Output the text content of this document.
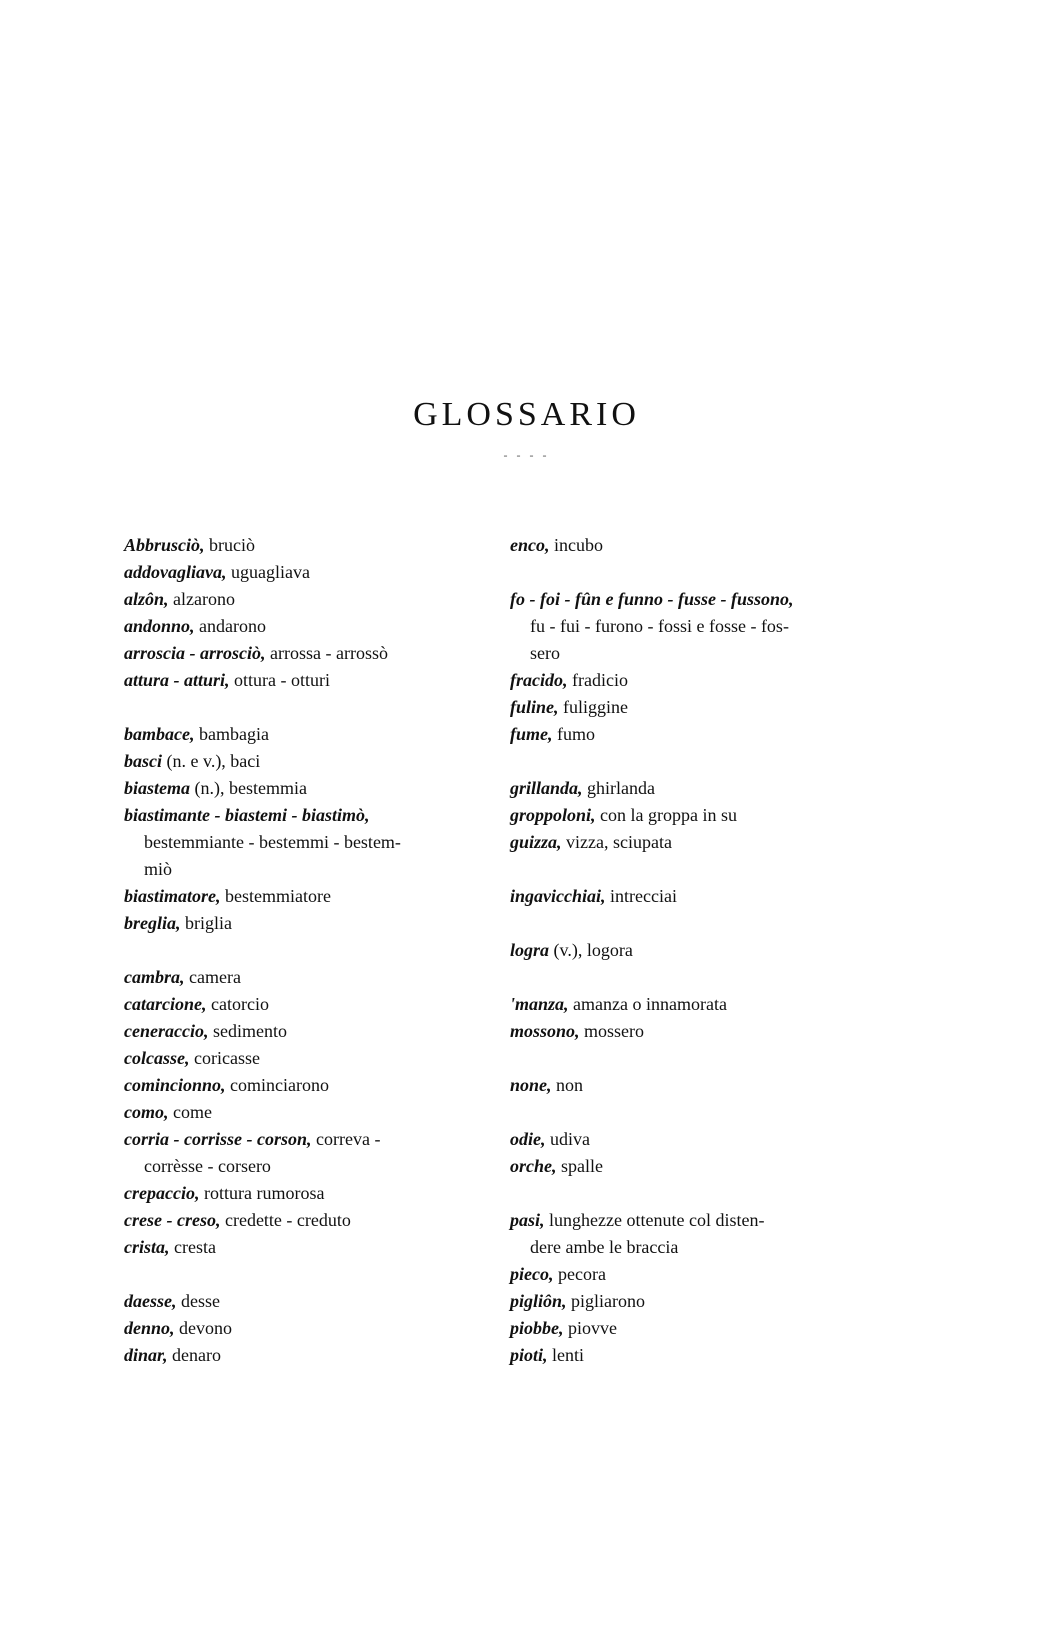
GLOSSARIO
- - - -
Abbrusciò, bruciò
addovagliava, uguagliava
alzôn, alzarono
andonno, andarono
arroscia - arrosciò, arrossa - arrossò
attura - atturi, ottura - otturi
bambace, bambagia
basci (n. e v.), baci
biastema (n.), bestemmia
biastimante - biastemi - biastimò,
bestemmiante - bestemmi - bestem-
miò
biastimatore, bestemmiatore
breglia, briglia
cambra, camera
catarcione, catorcio
ceneraccio, sedimento
colcasse, coricasse
comincionno, cominciarono
como, come
corria - corrisse - corson, correva -
corrèsse - corsero
crepaccio, rottura rumorosa
crese - creso, credette - creduto
crista, cresta
daesse, desse
denno, devono
dinar, denaro
enco, incubo
fo - foi - fûn e funno - fusse - fussono,
fu - fui - furono - fossi e fosse - fos-
sero
fracido, fradicio
fuline, fuliggine
fume, fumo
grillanda, ghirlanda
groppoloni, con la groppa in su
guizza, vizza, sciupata
ingavicchiai, intrecciai
logra (v.), logora
'manza, amanza o innamorata
mossono, mossero
none, non
odie, udiva
orche, spalle
pasi, lunghezze ottenute col disten-
dere ambe le braccia
pieco, pecora
pigliôn, pigliarono
piobbe, piovve
pioti, lenti
